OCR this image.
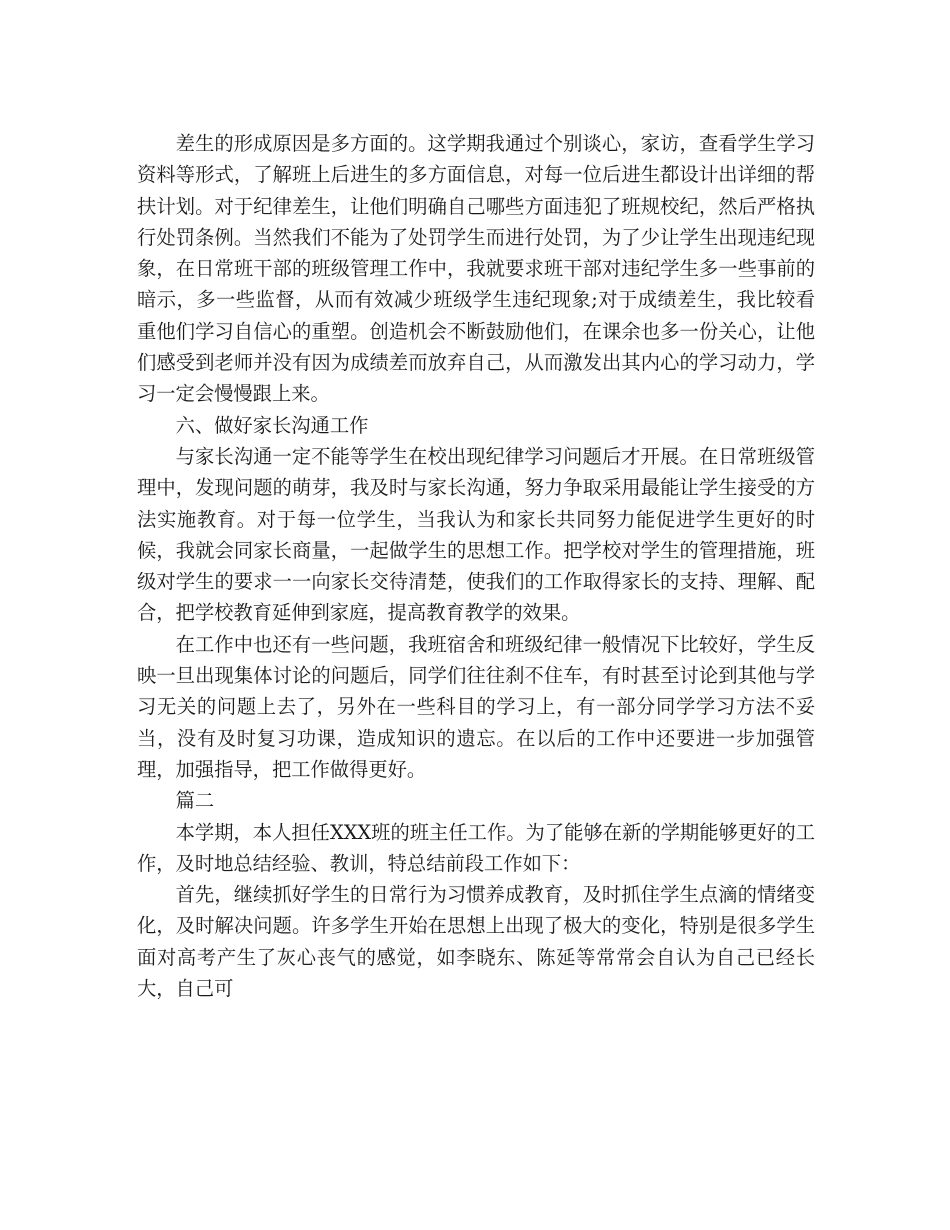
差生的形成原因是多方面的。这学期我通过个别谈心，家访，查看学生学习资料等形式，了解班上后进生的多方面信息，对每一位后进生都设计出详细的帮扶计划。对于纪律差生，让他们明确自己哪些方面违犯了班规校纪，然后严格执行处罚条例。当然我们不能为了处罚学生而进行处罚，为了少让学生出现违纪现象，在日常班干部的班级管理工作中，我就要求班干部对违纪学生多一些事前的暗示，多一些监督，从而有效减少班级学生违纪现象;对于成绩差生，我比较看重他们学习自信心的重塑。创造机会不断鼓励他们，在课余也多一份关心，让他们感受到老师并没有因为成绩差而放弃自己，从而激发出其内心的学习动力，学习一定会慢慢跟上来。

六、做好家长沟通工作

与家长沟通一定不能等学生在校出现纪律学习问题后才开展。在日常班级管理中，发现问题的萌芽，我及时与家长沟通，努力争取采用最能让学生接受的方法实施教育。对于每一位学生，当我认为和家长共同努力能促进学生更好的时候，我就会同家长商量，一起做学生的思想工作。把学校对学生的管理措施，班级对学生的要求一一向家长交待清楚，使我们的工作取得家长的支持、理解、配合，把学校教育延伸到家庭，提高教育教学的效果。

在工作中也还有一些问题，我班宿舍和班级纪律一般情况下比较好，学生反映一旦出现集体讨论的问题后，同学们往往刹不住车，有时甚至讨论到其他与学习无关的问题上去了，另外在一些科目的学习上，有一部分同学学习方法不妥当，没有及时复习功课，造成知识的遗忘。在以后的工作中还要进一步加强管理，加强指导，把工作做得更好。

篇二

本学期，本人担任XXX班的班主任工作。为了能够在新的学期能够更好的工作，及时地总结经验、教训，特总结前段工作如下：

首先，继续抓好学生的日常行为习惯养成教育，及时抓住学生点滴的情绪变化，及时解决问题。许多学生开始在思想上出现了极大的变化，特别是很多学生面对高考产生了灰心丧气的感觉，如李晓东、陈延等常常会自认为自己已经长大，自己可
